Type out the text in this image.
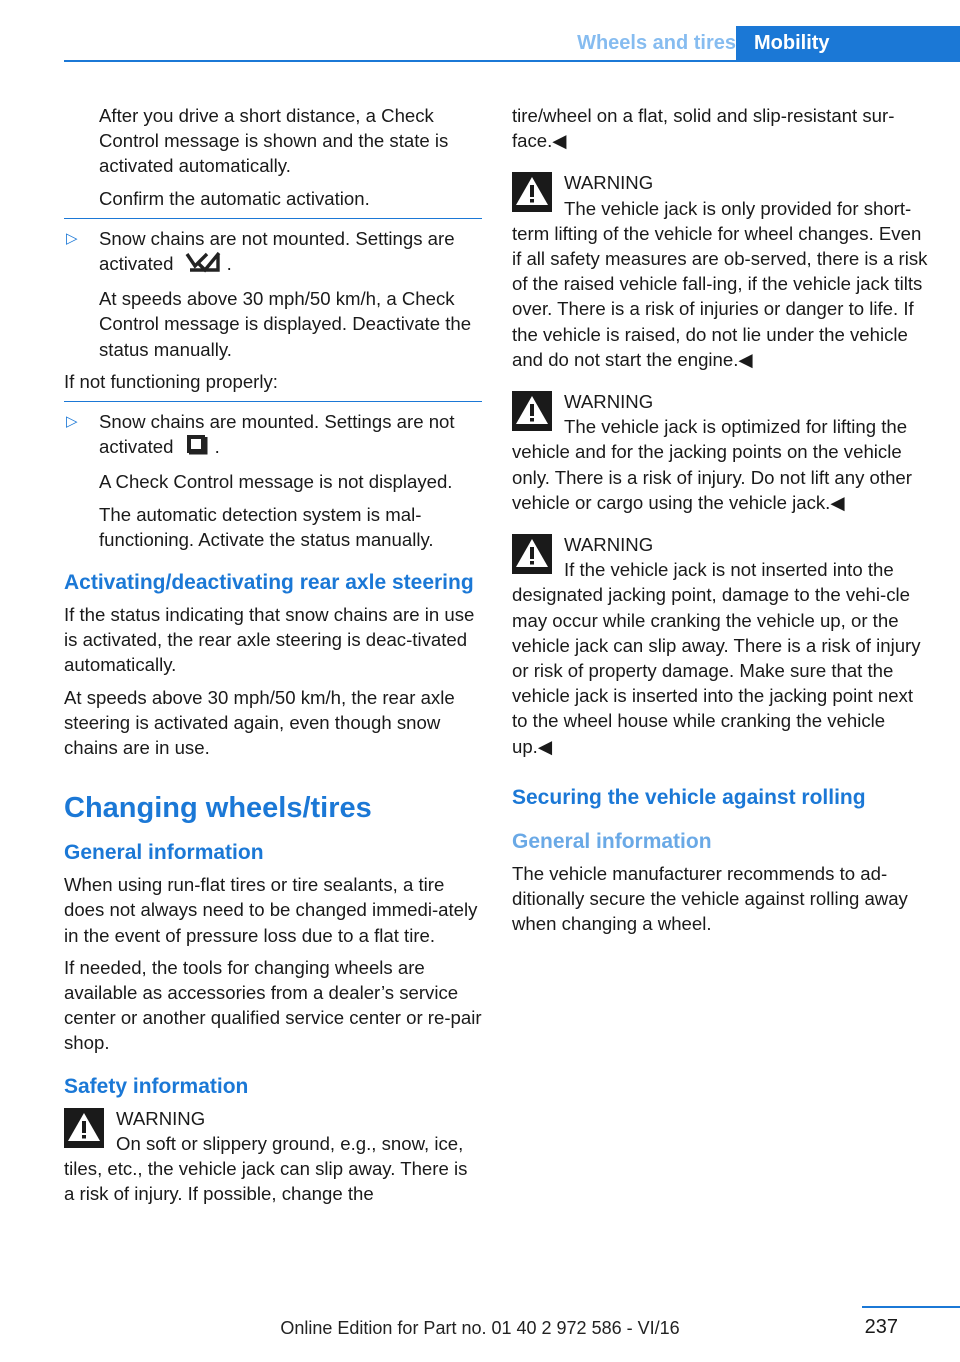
Wheels and tires Mobility

After you drive a short distance, a Check Control message is shown and the state is activated automatically.

Confirm the automatic activation.

▷ Snow chains are not mounted. Settings are activated	.

At speeds above 30 mph/50 km/h, a Check Control message is displayed. Deactivate the status manually.

If not functioning properly:

▷ Snow chains are mounted. Settings are not activated .

A Check Control message is not displayed.

The automatic detection system is mal‐functioning. Activate the status manually.

Activating/deactivating rear axle steering

If the status indicating that snow chains are in use is activated, the rear axle steering is deac‐tivated automatically.

At speeds above 30 mph/50 km/h, the rear axle steering is activated again, even though snow chains are in use.

Changing wheels/tires
General information

When using run-flat tires or tire sealants, a tire does not always need to be changed immedi‐ately in the event of pressure loss due to a flat tire.

If needed, the tools for changing wheels are available as accessories from a dealer’s service center or another qualified service center or re‐pair shop.

Safety information
WARNING
On soft or slippery ground, e.g., snow, ice, tiles, etc., the vehicle jack can slip away. There is a risk of injury. If possible, change the

tire/wheel on a flat, solid and slip-resistant sur‐face.◀

WARNING
The vehicle jack is only provided for short-term lifting of the vehicle for wheel changes. Even if all safety measures are ob‐served, there is a risk of the raised vehicle fall‐ing, if the vehicle jack tilts over. There is a risk of injuries or danger to life. If the vehicle is raised, do not lie under the vehicle and do not start the engine.◀
WARNING
The vehicle jack is optimized for lifting the vehicle and for the jacking points on the vehicle only. There is a risk of injury. Do not lift any other vehicle or cargo using the vehicle jack.◀
WARNING
If the vehicle jack is not inserted into the designated jacking point, damage to the vehi‐cle may occur while cranking the vehicle up, or the vehicle jack can slip away. There is a risk of injury or risk of property damage. Make sure that the vehicle jack is inserted into the jacking point next to the wheel house while cranking the vehicle up.◀
Securing the vehicle against rolling
General information

The vehicle manufacturer recommends to ad‐ditionally secure the vehicle against rolling away when changing a wheel.

237
Online Edition for Part no. 01 40 2 972 586 - VI/16
